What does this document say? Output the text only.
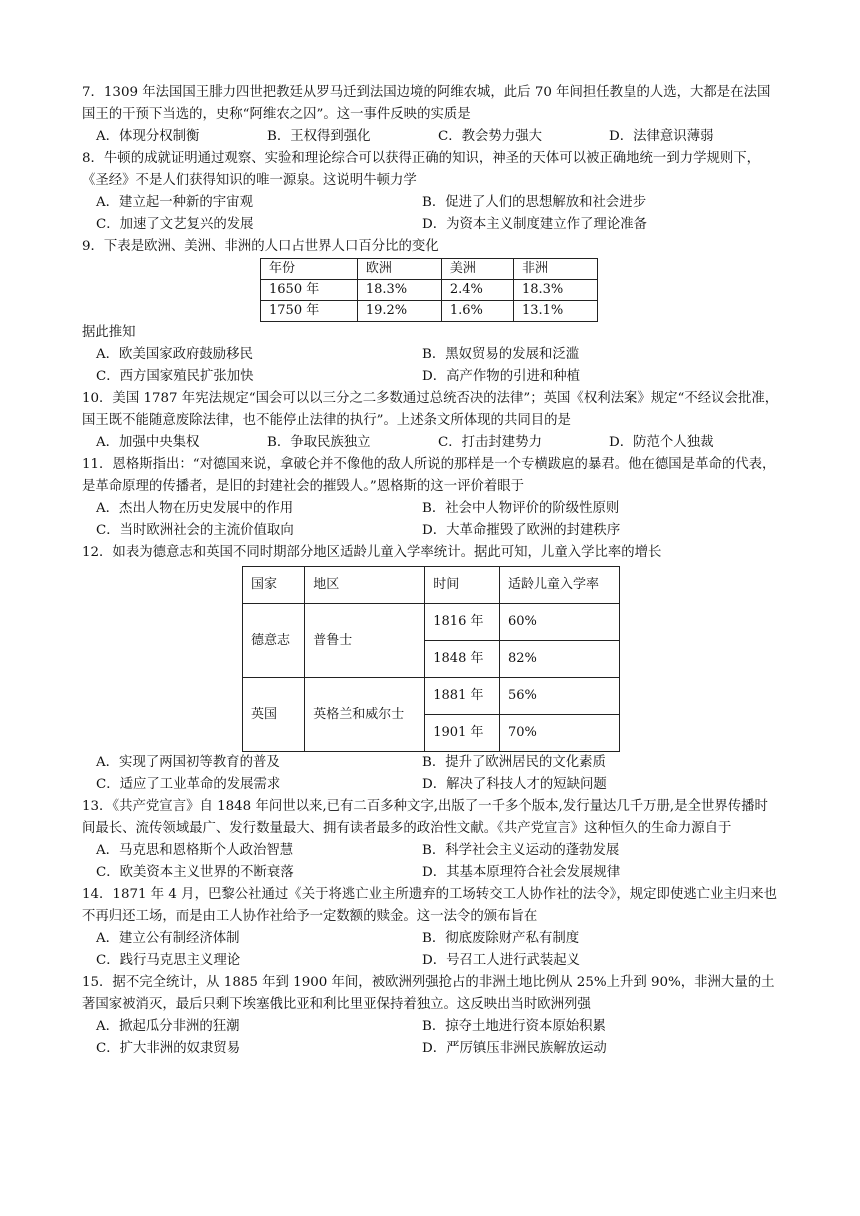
7．1309 年法国国王腓力四世把教廷从罗马迁到法国边境的阿维农城，此后 70 年间担任教皇的人选，大都是在法国国王的干预下当选的，史称“阿维农之囚”。这一事件反映的实质是

A．体现分权制衡	B．王权得到强化	C．教会势力强大	D．法律意识薄弱

8．牛顿的成就证明通过观察、实验和理论综合可以获得正确的知识，神圣的天体可以被正确地统一到力学规则下，《圣经》不是人们获得知识的唯一源泉。这说明牛顿力学

A．建立起一种新的宇宙观	B．促进了人们的思想解放和社会进步
C．加速了文艺复兴的发展	D．为资本主义制度建立作了理论准备

9．下表是欧洲、美洲、非洲的人口占世界人口百分比的变化

年份	欧洲	美洲	非洲
1650 年	18.3%	2.4%	18.3%
1750 年	19.2%	1.6%	13.1%

据此推知

A．欧美国家政府鼓励移民	B．黑奴贸易的发展和泛滥
C．西方国家殖民扩张加快	D．高产作物的引进和种植

10．美国 1787 年宪法规定“国会可以以三分之二多数通过总统否决的法律”；英国《权利法案》规定“不经议会批准，国王既不能随意废除法律，也不能停止法律的执行”。上述条文所体现的共同目的是

A．加强中央集权	B．争取民族独立	C．打击封建势力	D．防范个人独裁

11．恩格斯指出：“对德国来说，拿破仑并不像他的敌人所说的那样是一个专横跋扈的暴君。他在德国是革命的代表，是革命原理的传播者，是旧的封建社会的摧毁人。”恩格斯的这一评价着眼于

A．杰出人物在历史发展中的作用	B．社会中人物评价的阶级性原则
C．当时欧洲社会的主流价值取向	D．大革命摧毁了欧洲的封建秩序

12．如表为德意志和英国不同时期部分地区适龄儿童入学率统计。据此可知，儿童入学比率的增长

国家	地区	时间	适龄儿童入学率
德意志	普鲁士	1816 年	60%
		1848 年	82%
英国	英格兰和威尔士	1881 年	56%
		1901 年	70%
A．实现了两国初等教育的普及	B．提升了欧洲居民的文化素质
C．适应了工业革命的发展需求	D．解决了科技人才的短缺问题

13．《共产党宣言》自 1848 年问世以来,已有二百多种文字,出版了一千多个版本,发行量达几千万册,是全世界传播时间最长、流传领域最广、发行数量最大、拥有读者最多的政治性文献。《共产党宣言》这种恒久的生命力源自于

A．马克思和恩格斯个人政治智慧	B．科学社会主义运动的蓬勃发展
C．欧美资本主义世界的不断衰落	D．其基本原理符合社会发展规律

14．1871 年 4 月，巴黎公社通过《关于将逃亡业主所遗弃的工场转交工人协作社的法令》，规定即使逃亡业主归来也不再归还工场，而是由工人协作社给予一定数额的赎金。这一法令的颁布旨在

A．建立公有制经济体制	B．彻底废除财产私有制度
C．践行马克思主义理论	D．号召工人进行武装起义

15．据不完全统计，从 1885 年到 1900 年间，被欧洲列强抢占的非洲土地比例从 25%上升到 90%，非洲大量的土著国家被消灭，最后只剩下埃塞俄比亚和利比里亚保持着独立。这反映出当时欧洲列强

A．掀起瓜分非洲的狂潮	B．掠夺土地进行资本原始积累
C．扩大非洲的奴隶贸易	D．严厉镇压非洲民族解放运动
